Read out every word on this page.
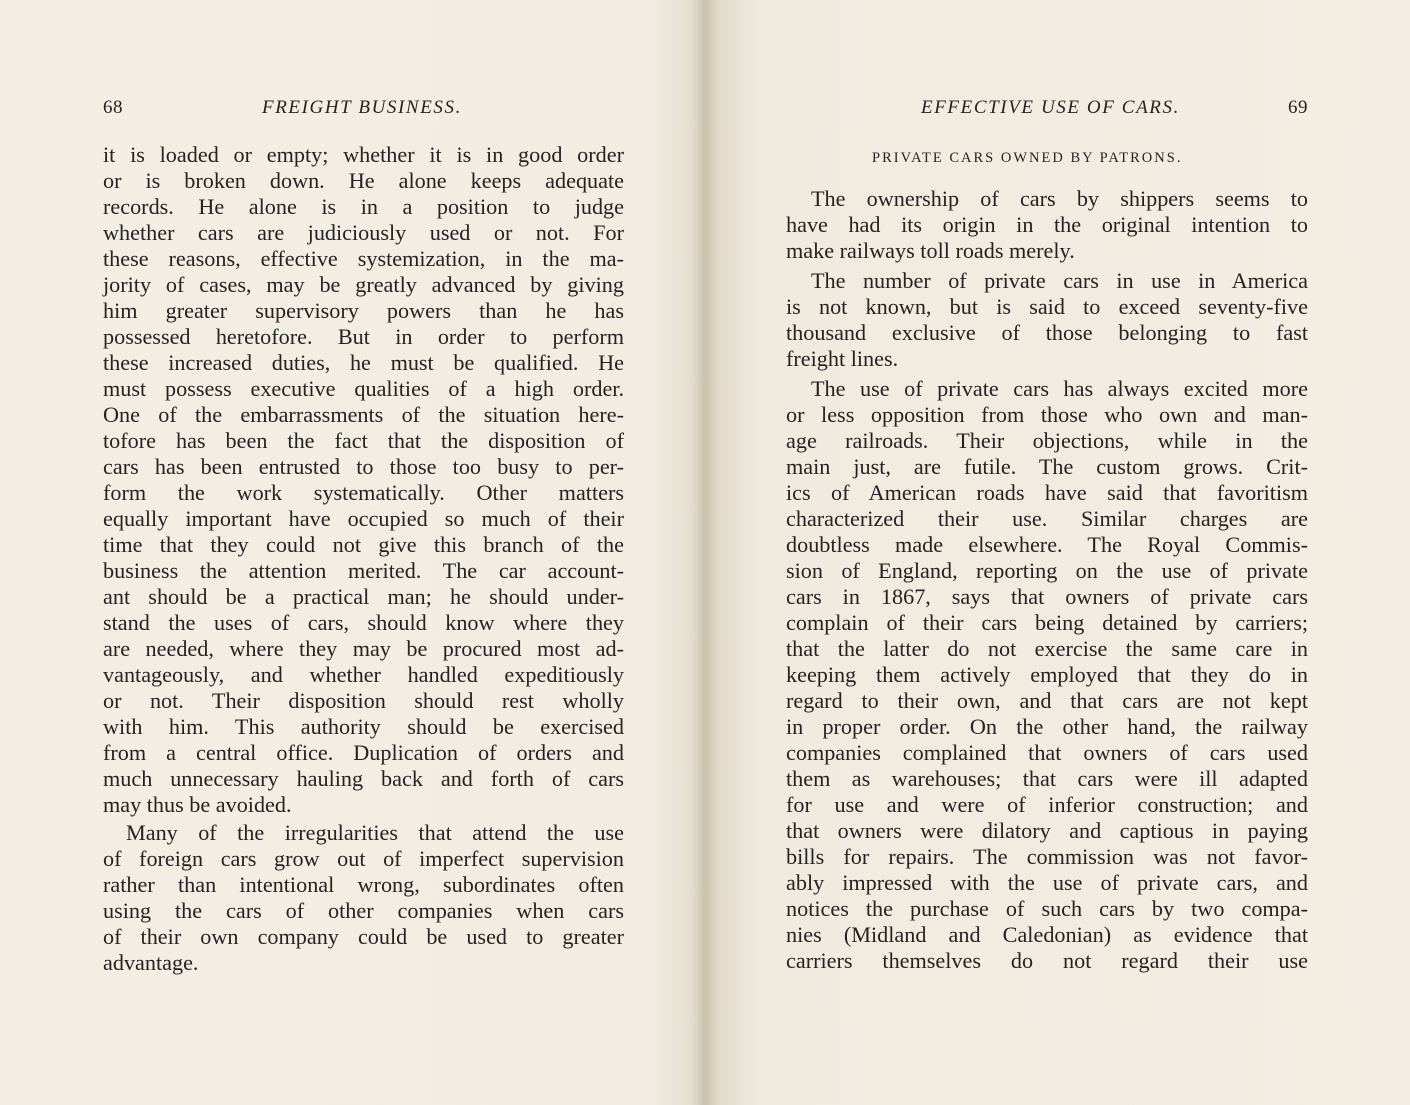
68	FREIGHT BUSINESS.
it is loaded or empty; whether it is in good order
or is broken down. He alone keeps adequate
records. He alone is in a position to judge
whether cars are judiciously used or not. For
these reasons, effective systemization, in the ma-
jority of cases, may be greatly advanced by giving
him greater supervisory powers than he has
possessed heretofore. But in order to perform
these increased duties, he must be qualified. He
must possess executive qualities of a high order.
One of the embarrassments of the situation here-
tofore has been the fact that the disposition of
cars has been entrusted to those too busy to per-
form the work systematically. Other matters
equally important have occupied so much of their
time that they could not give this branch of the
business the attention merited. The car account-
ant should be a practical man; he should under-
stand the uses of cars, should know where they
are needed, where they may be procured most ad-
vantageously, and whether handled expeditiously
or not. Their disposition should rest wholly
with him. This authority should be exercised
from a central office. Duplication of orders and
much unnecessary hauling back and forth of cars
may thus be avoided.
Many of the irregularities that attend the use
of foreign cars grow out of imperfect supervision
rather than intentional wrong, subordinates often
using the cars of other companies when cars
of their own company could be used to greater
advantage.
EFFECTIVE USE OF CARS.	69
PRIVATE CARS OWNED BY PATRONS.
The ownership of cars by shippers seems to
have had its origin in the original intention to
make railways toll roads merely.
The number of private cars in use in America
is not known, but is said to exceed seventy-five
thousand exclusive of those belonging to fast
freight lines.
The use of private cars has always excited more
or less opposition from those who own and man-
age railroads. Their objections, while in the
main just, are futile. The custom grows. Crit-
ics of American roads have said that favoritism
characterized their use. Similar charges are
doubtless made elsewhere. The Royal Commis-
sion of England, reporting on the use of private
cars in 1867, says that owners of private cars
complain of their cars being detained by carriers;
that the latter do not exercise the same care in
keeping them actively employed that they do in
regard to their own, and that cars are not kept
in proper order. On the other hand, the railway
companies complained that owners of cars used
them as warehouses; that cars were ill adapted
for use and were of inferior construction; and
that owners were dilatory and captious in paying
bills for repairs. The commission was not favor-
ably impressed with the use of private cars, and
notices the purchase of such cars by two compa-
nies (Midland and Caledonian) as evidence that
carriers themselves do not regard their use
